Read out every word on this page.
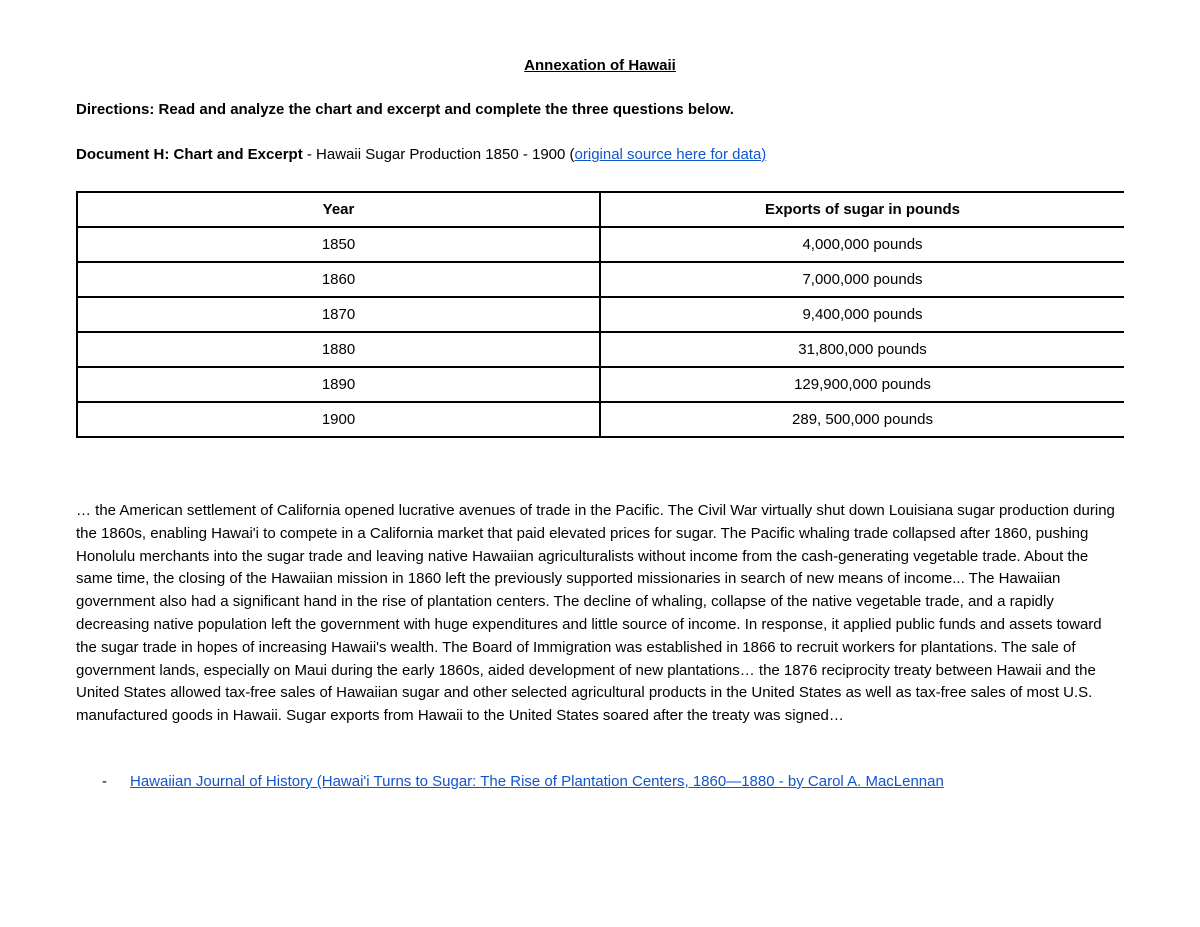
Annexation of Hawaii
Directions: Read and analyze the chart and excerpt and complete the three questions below.
Document H: Chart and Excerpt - Hawaii Sugar Production 1850 - 1900 (original source here for data)
Year	Exports of sugar in pounds
1850	4,000,000 pounds
1860	7,000,000 pounds
1870	9,400,000 pounds
1880	31,800,000 pounds
1890	129,900,000 pounds
1900	289, 500,000 pounds

… the American settlement of California opened lucrative avenues of trade in the Pacific. The Civil War virtually shut down Louisiana sugar production during the 1860s, enabling Hawai'i to compete in a California market that paid elevated prices for sugar. The Pacific whaling trade collapsed after 1860, pushing Honolulu merchants into the sugar trade and leaving native Hawaiian agriculturalists without income from the cash-generating vegetable trade. About the same time, the closing of the Hawaiian mission in 1860 left the previously supported missionaries in search of new means of income... The Hawaiian government also had a significant hand in the rise of plantation centers. The decline of whaling, collapse of the native vegetable trade, and a rapidly decreasing native population left the government with huge expenditures and little source of income. In response, it applied public funds and assets toward the sugar trade in hopes of increasing Hawaii's wealth. The Board of Immigration was established in 1866 to recruit workers for plantations. The sale of government lands, especially on Maui during the early 1860s, aided development of new plantations… the 1876 reciprocity treaty between Hawaii and the United States allowed tax-free sales of Hawaiian sugar and other selected agricultural products in the United States as well as tax-free sales of most U.S. manufactured goods in Hawaii. Sugar exports from Hawaii to the United States soared after the treaty was signed…

- Hawaiian Journal of History (Hawai'i Turns to Sugar: The Rise of Plantation Centers, 1860—1880 - by Carol A. MacLennan
